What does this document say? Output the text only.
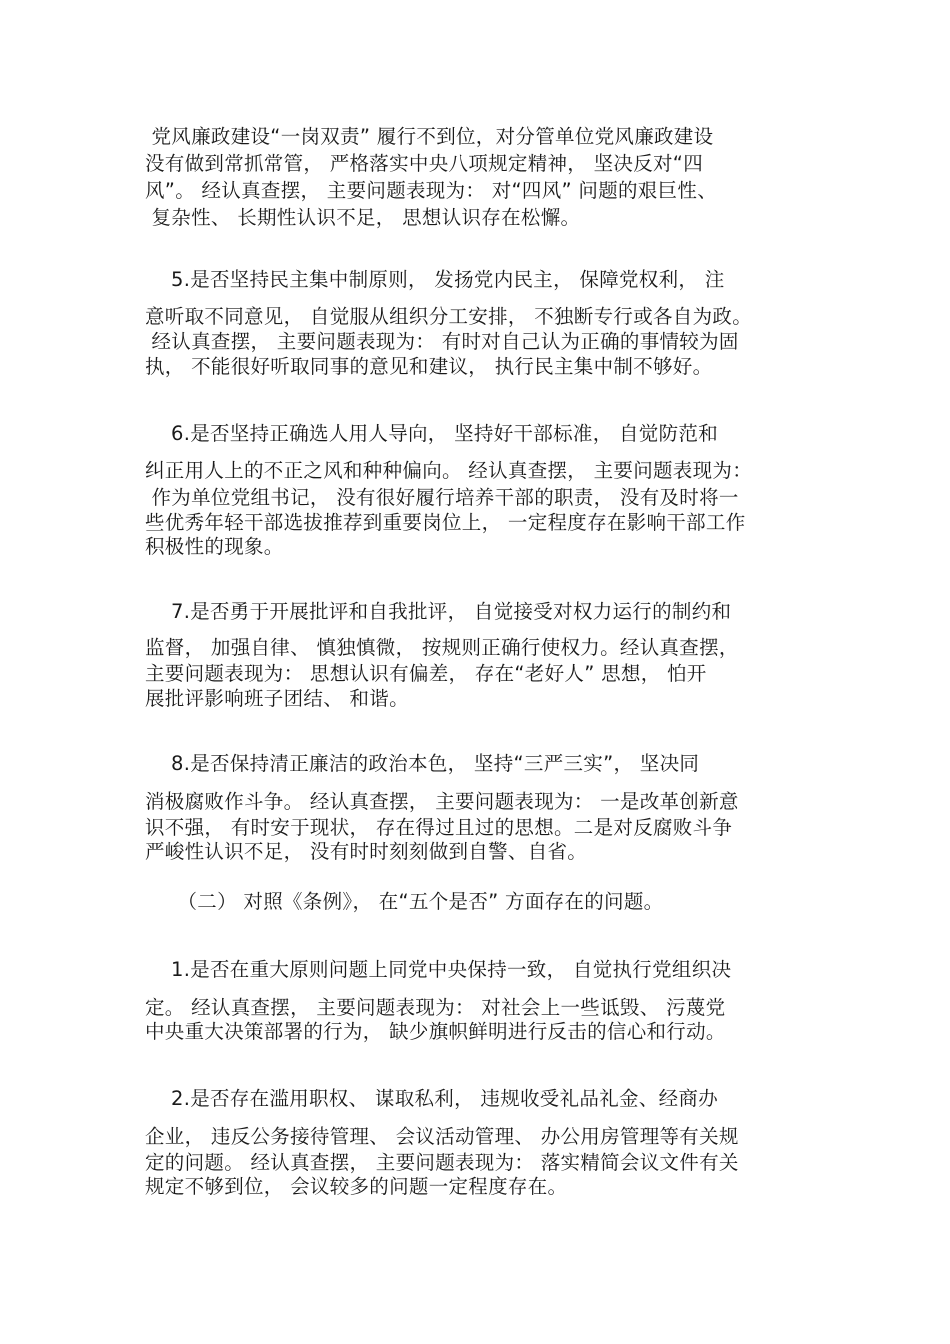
党风廉政建设“一岗双责” 履行不到位，对分管单位党风廉政建设
没有做到常抓常管， 严格落实中央八项规定精神， 坚决反对“四
风”。 经认真查摆， 主要问题表现为： 对“四风” 问题的艰巨性、
复杂性、 长期性认识不足， 思想认识存在松懈。
5.是否坚持民主集中制原则， 发扬党内民主， 保障党权利， 注
意听取不同意见， 自觉服从组织分工安排， 不独断专行或各自为政。
经认真查摆， 主要问题表现为： 有时对自己认为正确的事情较为固
执， 不能很好听取同事的意见和建议， 执行民主集中制不够好。
6.是否坚持正确选人用人导向， 坚持好干部标准， 自觉防范和
纠正用人上的不正之风和种种偏向。 经认真查摆， 主要问题表现为：
作为单位党组书记， 没有很好履行培养干部的职责， 没有及时将一
些优秀年轻干部选拔推荐到重要岗位上， 一定程度存在影响干部工作
积极性的现象。
7.是否勇于开展批评和自我批评， 自觉接受对权力运行的制约和
监督， 加强自律、 慎独慎微， 按规则正确行使权力。经认真查摆，
主要问题表现为： 思想认识有偏差， 存在“老好人” 思想， 怕开
展批评影响班子团结、 和谐。
8.是否保持清正廉洁的政治本色， 坚持“三严三实”， 坚决同
消极腐败作斗争。 经认真查摆， 主要问题表现为： 一是改革创新意
识不强， 有时安于现状， 存在得过且过的思想。二是对反腐败斗争
严峻性认识不足， 没有时时刻刻做到自警、自省。
（二） 对照《条例》， 在“五个是否” 方面存在的问题。
1.是否在重大原则问题上同党中央保持一致， 自觉执行党组织决
定。 经认真查摆， 主要问题表现为： 对社会上一些诋毁、 污蔑党
中央重大决策部署的行为， 缺少旗帜鲜明进行反击的信心和行动。
2.是否存在滥用职权、 谋取私利， 违规收受礼品礼金、经商办
企业， 违反公务接待管理、 会议活动管理、 办公用房管理等有关规
定的问题。 经认真查摆， 主要问题表现为： 落实精简会议文件有关
规定不够到位， 会议较多的问题一定程度存在。
